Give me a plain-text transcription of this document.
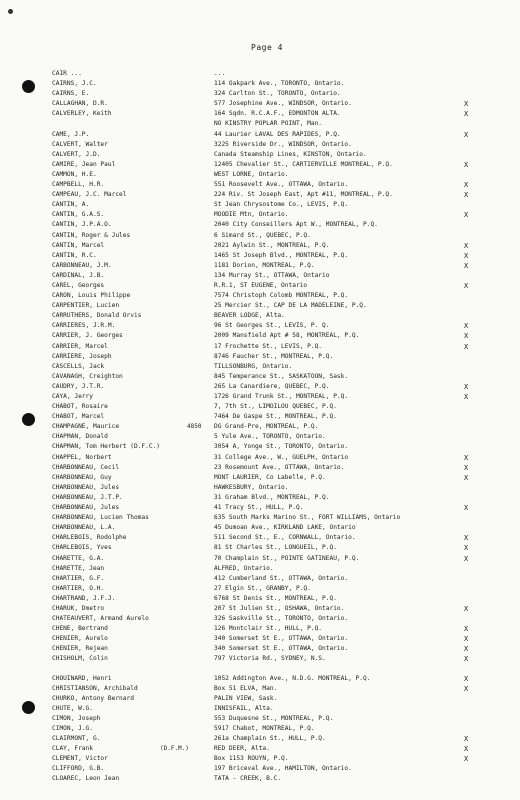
Page 4
CAIR ...	...
CAIRNS, J.C.	114 Oakpark Ave., TORONTO, Ontario.
CAIRNS, E.	324 Carlton St., TORONTO, Ontario.
CALLAGHAN, D.R.	577 Josephine Ave., WINDSOR, Ontario.	X
CALVERLEY, Keith	164 Sqdn. R.C.A.F., EDMONTON ALTA.	X
NO KINSTRY POPLAR POINT, Man.
CAME, J.P.	44 Laurier LAVAL DES RAPIDES, P.Q.	X
CALVERT, Walter	3225 Riverside Dr., WINDSOR, Ontario.
CALVERT, J.D.	Canada Steamship Lines, KINSTON, Ontario.
CAMIRE, Jean Paul	12405 Chevalier St., CARTIERVILLE MONTREAL, P.Q.	X
CAMMON, H.E.	WEST LORNE, Ontario.
CAMPBELL, H.R.	551 Roosevelt Ave., OTTAWA, Ontario.	X
CAMPEAU, J.C. Marcel	224 Riv. St Joseph East, Apt #11, MONTREAL, P.Q.	X
CANTIN, A.	St Jean Chrysostome Co., LEVIS, P.Q.
CANTIN, G.A.S.	MOODIE Mtn, Ontario.	X
CANTIN, J.P.A.O.	2040 City Conseillers Apt W., MONTREAL, P.Q.
CANTIN, Roger & Jules	6 Simard St., QUEBEC, P.Q.
CANTIN, Marcel	2021 Aylwin St., MONTREAL, P.Q.	X
CANTIN, R.C.	1465 St Joseph Blvd., MONTREAL, P.Q.	X
CARBONNEAU, J.M.	1181 Dorion, MONTREAL, P.Q.	X
CARDINAL, J.B.	134 Murray St., OTTAWA, Ontario
CAREL, Georges	R.R.1, ST EUGENE, Ontario	X
CARON, Louis Philippe	7574 Christoph Colomb MONTREAL, P.Q.
CARPENTIER, Lucien	25 Mercier St., CAP DE LA MADELEINE, P.Q.
CARRUTHERS, Donald Orvis	BEAVER LODGE, Alta.
CARRIERES, J.R.M.	96 St Georges St., LEVIS, P. Q.	X
CARRIER, J. Georges	2009 Mansfield Apt # 58, MONTREAL, P.Q.	X
CARRIER, Marcel	17 Frochette St., LEVIS, P.Q.	X
CARRIERE, Joseph	8746 Faucher St., MONTREAL, P.Q.
CASCELLS, Jack	TILLSONBURG, Ontario.
CAVANAGH, Creighton	845 Temperance St., SASKATOON, Sask.
CAUDRY, J.T.R.	265 La Canardiere, QUEBEC, P.Q.	X
CAYA, Jerry	1726 Grand Trunk St., MONTREAL, P.Q.	X
CHABOT, Rosaire	7, 7th St., LIMOILOU QUEBEC, P.Q.
CHABOT, Marcel	7464 De Gaspe St., MONTREAL, P.Q.
CHAMPAGNE, Maurice	4850 DG Grand-Pre, MONTREAL, P.Q.
CHAPMAN, Donald	5 Yule Ave., TORONTO, Ontario.
CHAPMAN, Tom Herbert (D.F.C.)	3054 A, Yonge St., TORONTO, Ontario.
CHAPPEL, Norbert	31 College Ave., W., GUELPH, Ontario	X
CHARBONNEAU, Cecil	23 Rosemount Ave., OTTAWA, Ontario.	X
CHARBONNEAU, Guy	MONT LAURIER, Co Labelle, P.Q.	X
CHARBONNEAU, Jules	HAWKESBURY, Ontario.
CHARBONNEAU, J.T.P.	31 Graham Blvd., MONTREAL, P.Q.
CHARBONNEAU, Jules	41 Tracy St., HULL, P.Q.	X
CHARBONNEAU, Lucien Thomas	635 South Marks Marino St., FORT WILLIAMS, Ontario
CHARBONNEAU, L.A.	45 Dumoan Ave., KIRKLAND LAKE, Ontario
CHARLEBOIS, Rodolphe	511 Second St., E., CORNWALL, Ontario.	X
CHARLEBOIS, Yves	81 St Charles St., LONGUEIL, P.Q.	X
CHARETTE, G.A.	70 Champlain St., POINTE GATINEAU, P.Q.	X
CHARETTE, Jean	ALFRED, Ontario.
CHARTIER, G.F.	412 Cumberland St., OTTAWA, Ontario.
CHARTIER, O.H.	27 Elgin St., GRANBY, P.Q.
CHARTRAND, J.F.J.	6768 St Denis St., MONTREAL, P.Q.
CHARUK, Dmetro	207 St Julien St., OSHAWA, Ontario.	X
CHATEAUVERT, Armand Aurelo	326 Saskville St., TORONTO, Ontario.
CHENE, Bertrand	126 Montclair St., HULL, P.Q.	X
CHENIER, Aurelo	340 Somerset St E., OTTAWA, Ontario.	X
CHENIER, Rejean	340 Somerset St E., OTTAWA, Ontario.	X
CHISHOLM, Colin	797 Victoria Rd., SYDNEY, N.S.	X
CHOUINARD, Henri	1052 Addington Ave., N.D.G. MONTREAL, P.Q.	X
CHRISTIANSON, Archibald	Box 51 ELVA, Man.	X
CHURKO, Antony Bernard	PALIN VIEW, Sask.
CHUTE, W.G.	INNISFAIL, Alta.
CIMON, Joseph	553 Duquesne St., MONTREAL, P.Q.
CIMON, J.G.	5917 Chabot, MONTREAL, P.Q.
CLAIRMONT, G.	261a Champlain St., HULL, P.Q.	X
CLAY, Frank	(D.F.M.)	RED DEER, Alta.	X
CLEMENT, Victor	Box 1153 ROUYN, P.Q.	X
CLIFFORD, G.B.	197 Briceval Ave., HAMILTON, Ontario.
CLOAREC, Leon Jean	TATA - CREEK, B.C.
